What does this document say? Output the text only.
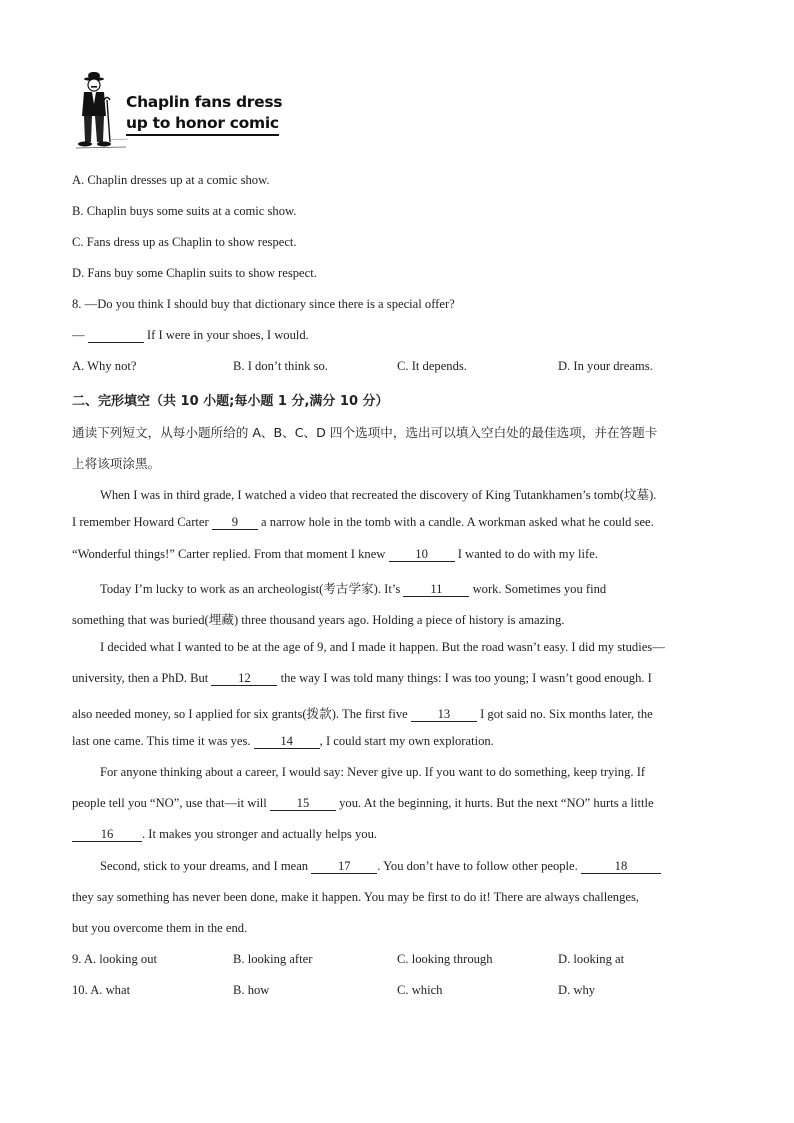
Chaplin fans dress
up to honor comic
A. Chaplin dresses up at a comic show.
B. Chaplin buys some suits at a comic show.
C. Fans dress up as Chaplin to show respect.
D. Fans buy some Chaplin suits to show respect.
8. —Do you think I should buy that dictionary since there is a special offer?
—	If I were in your shoes, I would.
A. Why not?	B. I don’t think so.	C. It depends.	D. In your dreams.
二、完形填空（共 10 小题;每小题 1 分,满分 10 分）
通读下列短文，从每小题所给的 A、B、C、D 四个选项中，选出可以填入空白处的最佳选项，并在答题卡
上将该项涂黑。
When I was in third grade, I watched a video that recreated the discovery of King Tutankhamen’s tomb(坟墓).
I remember Howard Carter 9 a narrow hole in the tomb with a candle. A workman asked what he could see.
“Wonderful things!” Carter replied. From that moment I knew 10 I wanted to do with my life.
Today I’m lucky to work as an archeologist(考古学家). It’s 11 work. Sometimes you find
something that was buried(埋藏) three thousand years ago. Holding a piece of history is amazing.
I decided what I wanted to be at the age of 9, and I made it happen. But the road wasn’t easy. I did my studies—
university, then a PhD. But 12 the way I was told many things: I was too young; I wasn’t good enough. I
also needed money, so I applied for six grants(拨款). The first five 13 I got said no. Six months later, the
last one came. This time it was yes. 14 , I could start my own exploration.
For anyone thinking about a career, I would say: Never give up. If you want to do something, keep trying. If
people tell you “NO”, use that—it will 15 you. At the beginning, it hurts. But the next “NO” hurts a little
16 . It makes you stronger and actually helps you.
Second, stick to your dreams, and I mean 17 . You don’t have to follow other people.	18
they say something has never been done, make it happen. You may be first to do it! There are always challenges,
but you overcome them in the end.
9. A. looking out	B. looking after	C. looking through	D. looking at
10. A. what	B. how	C. which	D. why
